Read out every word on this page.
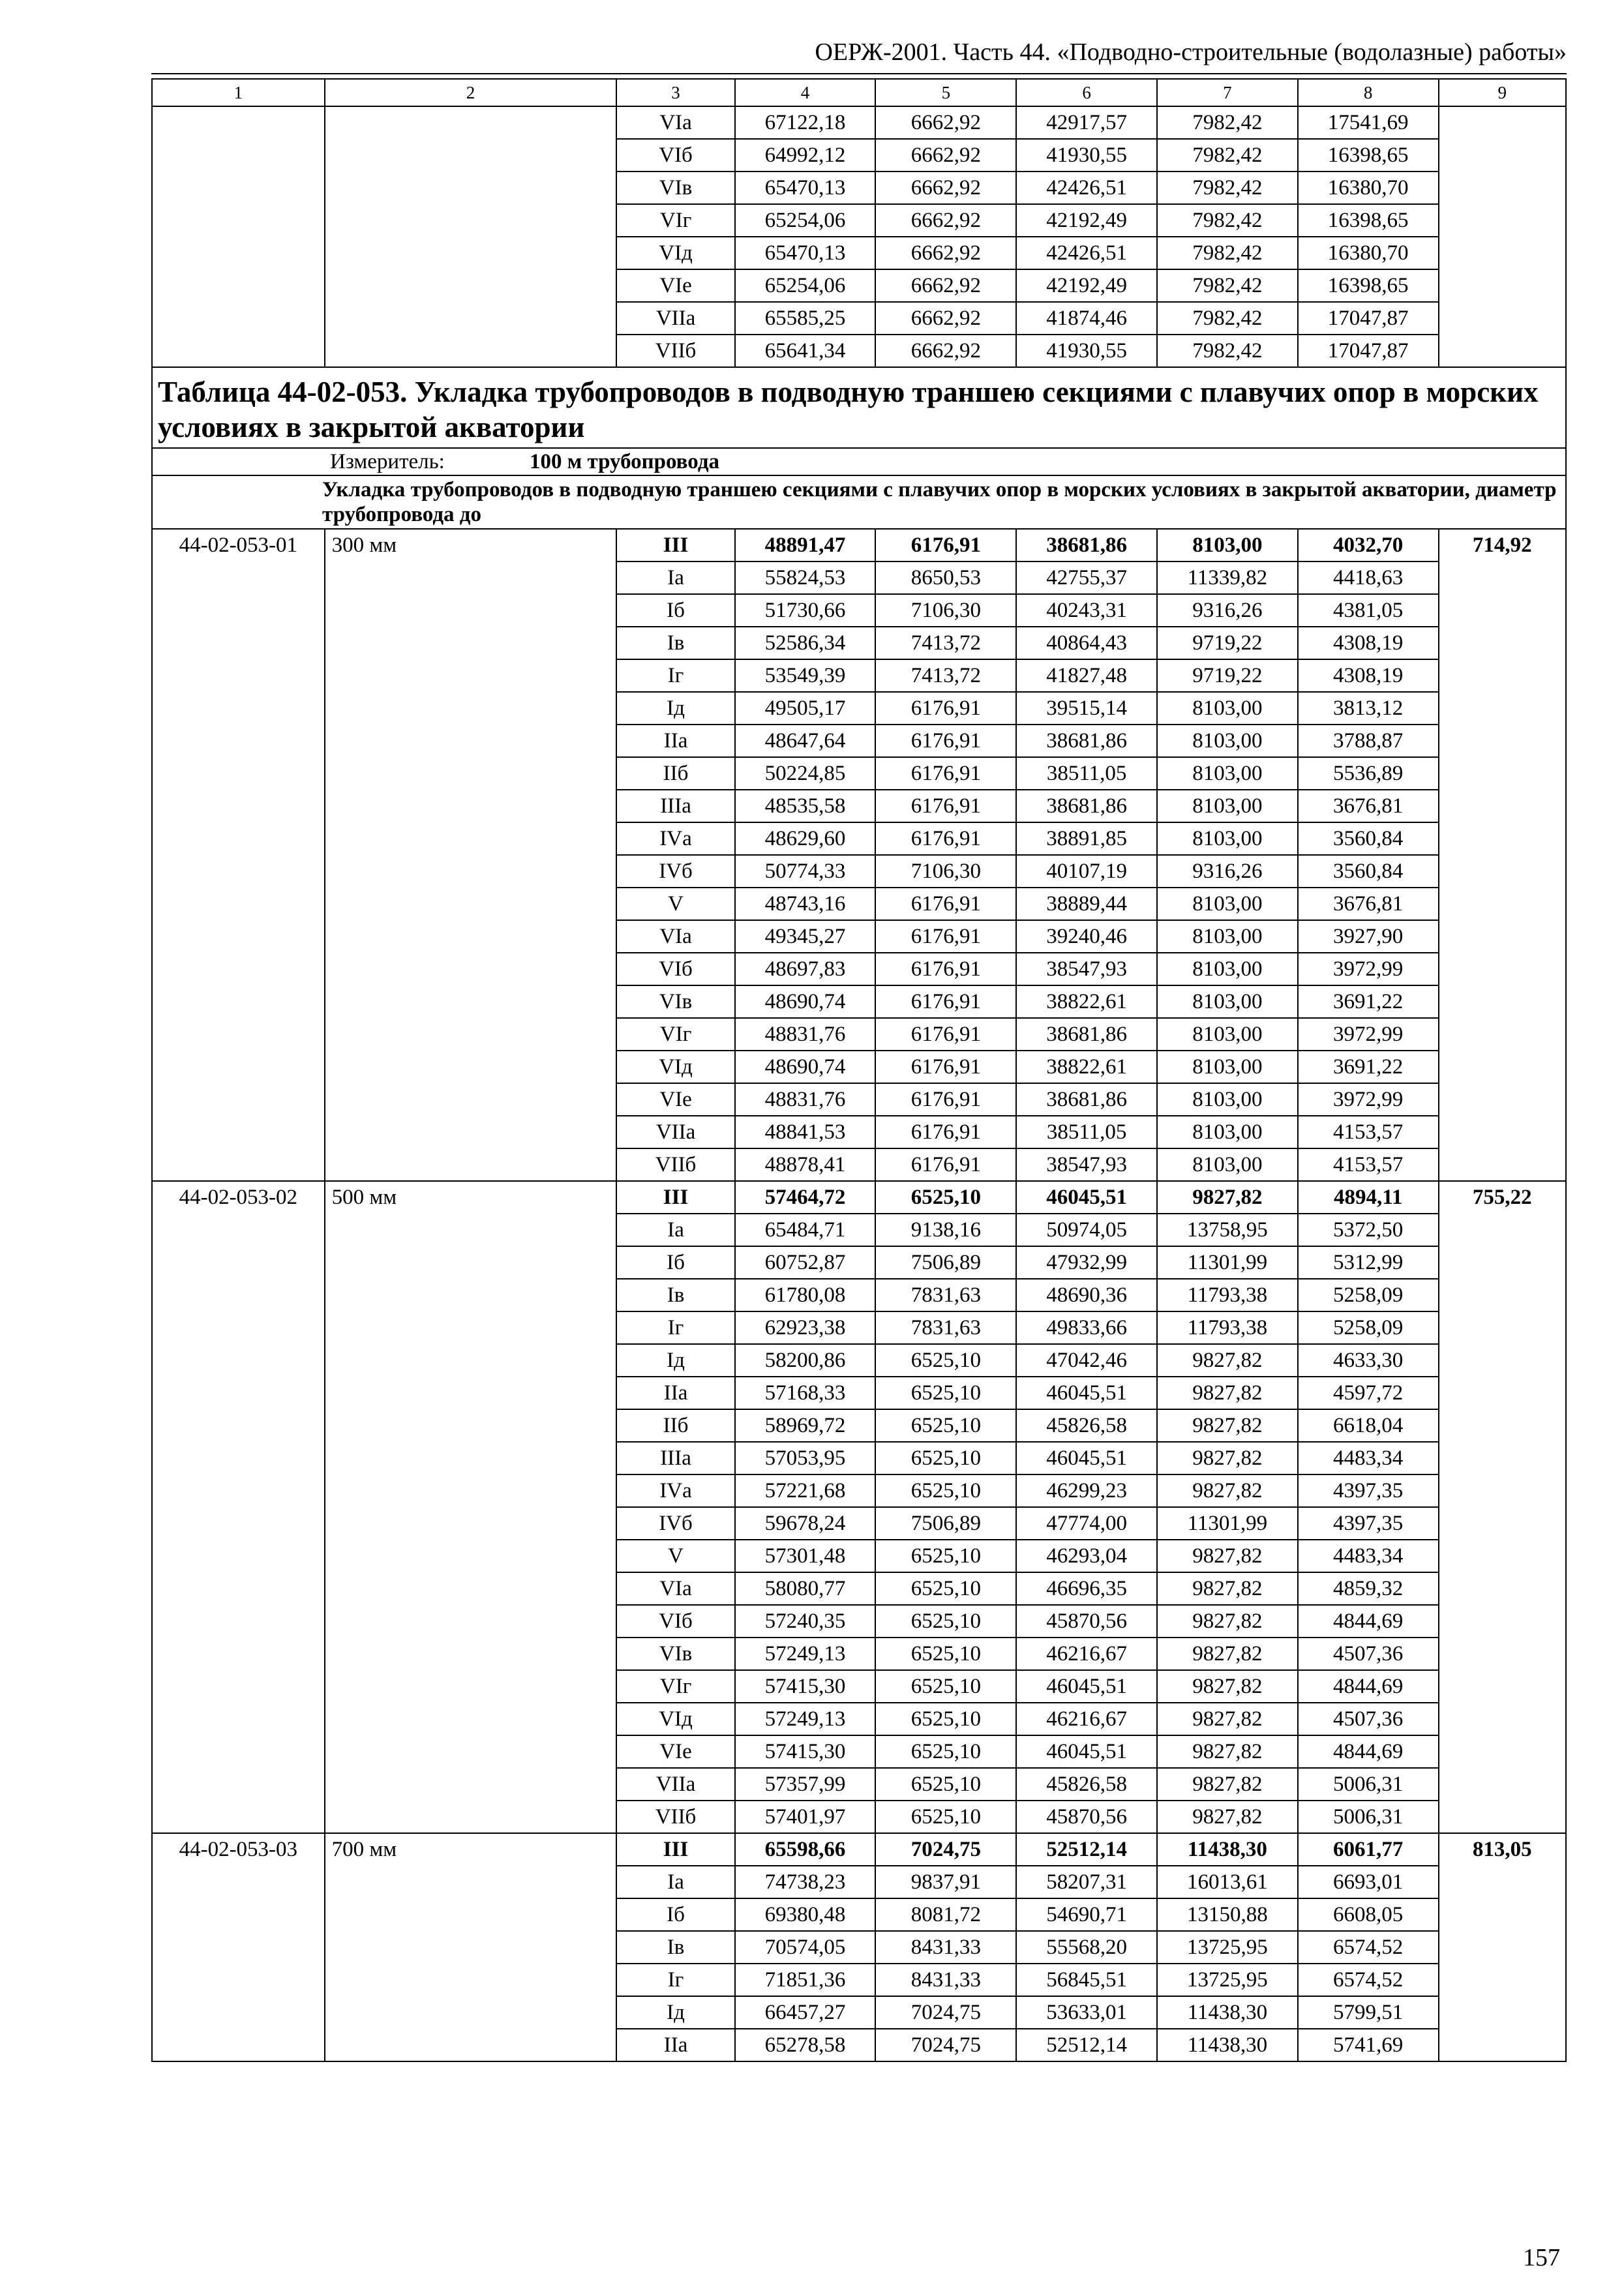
ОЕРЖ-2001. Часть 44. «Подводно-строительные (водолазные) работы»
1	2	3	4	5	6	7	8	9
		VIа	67122,18	6662,92	42917,57	7982,42	17541,69	
		VIб	64992,12	6662,92	41930,55	7982,42	16398,65	
		VIв	65470,13	6662,92	42426,51	7982,42	16380,70	
		VIг	65254,06	6662,92	42192,49	7982,42	16398,65	
		VIд	65470,13	6662,92	42426,51	7982,42	16380,70	
		VIе	65254,06	6662,92	42192,49	7982,42	16398,65	
		VIIа	65585,25	6662,92	41874,46	7982,42	17047,87	
		VIIб	65641,34	6662,92	41930,55	7982,42	17047,87	
Таблица 44-02-053. Укладка трубопроводов в подводную траншею секциями с плавучих опор в морских условиях в закрытой акватории								
Измеритель: 100 м трубопровода								
Укладка трубопроводов в подводную траншею секциями с плавучих опор в морских условиях в закрытой акватории, диаметр трубопровода до								
44-02-053-01	300 мм	III	48891,47	6176,91	38681,86	8103,00	4032,70	714,92
		Iа	55824,53	8650,53	42755,37	11339,82	4418,63	
		Iб	51730,66	7106,30	40243,31	9316,26	4381,05	
		Iв	52586,34	7413,72	40864,43	9719,22	4308,19	
		Iг	53549,39	7413,72	41827,48	9719,22	4308,19	
		Iд	49505,17	6176,91	39515,14	8103,00	3813,12	
		IIа	48647,64	6176,91	38681,86	8103,00	3788,87	
		IIб	50224,85	6176,91	38511,05	8103,00	5536,89	
		IIIа	48535,58	6176,91	38681,86	8103,00	3676,81	
		IVа	48629,60	6176,91	38891,85	8103,00	3560,84	
		IVб	50774,33	7106,30	40107,19	9316,26	3560,84	
		V	48743,16	6176,91	38889,44	8103,00	3676,81	
		VIа	49345,27	6176,91	39240,46	8103,00	3927,90	
		VIб	48697,83	6176,91	38547,93	8103,00	3972,99	
		VIв	48690,74	6176,91	38822,61	8103,00	3691,22	
		VIг	48831,76	6176,91	38681,86	8103,00	3972,99	
		VIд	48690,74	6176,91	38822,61	8103,00	3691,22	
		VIе	48831,76	6176,91	38681,86	8103,00	3972,99	
		VIIа	48841,53	6176,91	38511,05	8103,00	4153,57	
		VIIб	48878,41	6176,91	38547,93	8103,00	4153,57	
44-02-053-02	500 мм	III	57464,72	6525,10	46045,51	9827,82	4894,11	755,22
		Iа	65484,71	9138,16	50974,05	13758,95	5372,50	
		Iб	60752,87	7506,89	47932,99	11301,99	5312,99	
		Iв	61780,08	7831,63	48690,36	11793,38	5258,09	
		Iг	62923,38	7831,63	49833,66	11793,38	5258,09	
		Iд	58200,86	6525,10	47042,46	9827,82	4633,30	
		IIа	57168,33	6525,10	46045,51	9827,82	4597,72	
		IIб	58969,72	6525,10	45826,58	9827,82	6618,04	
		IIIа	57053,95	6525,10	46045,51	9827,82	4483,34	
		IVа	57221,68	6525,10	46299,23	9827,82	4397,35	
		IVб	59678,24	7506,89	47774,00	11301,99	4397,35	
		V	57301,48	6525,10	46293,04	9827,82	4483,34	
		VIа	58080,77	6525,10	46696,35	9827,82	4859,32	
		VIб	57240,35	6525,10	45870,56	9827,82	4844,69	
		VIв	57249,13	6525,10	46216,67	9827,82	4507,36	
		VIг	57415,30	6525,10	46045,51	9827,82	4844,69	
		VIд	57249,13	6525,10	46216,67	9827,82	4507,36	
		VIе	57415,30	6525,10	46045,51	9827,82	4844,69	
		VIIа	57357,99	6525,10	45826,58	9827,82	5006,31	
		VIIб	57401,97	6525,10	45870,56	9827,82	5006,31	
44-02-053-03	700 мм	III	65598,66	7024,75	52512,14	11438,30	6061,77	813,05
		Iа	74738,23	9837,91	58207,31	16013,61	6693,01	
		Iб	69380,48	8081,72	54690,71	13150,88	6608,05	
		Iв	70574,05	8431,33	55568,20	13725,95	6574,52	
		Iг	71851,36	8431,33	56845,51	13725,95	6574,52	
		Iд	66457,27	7024,75	53633,01	11438,30	5799,51	
		IIа	65278,58	7024,75	52512,14	11438,30	5741,69	
157
